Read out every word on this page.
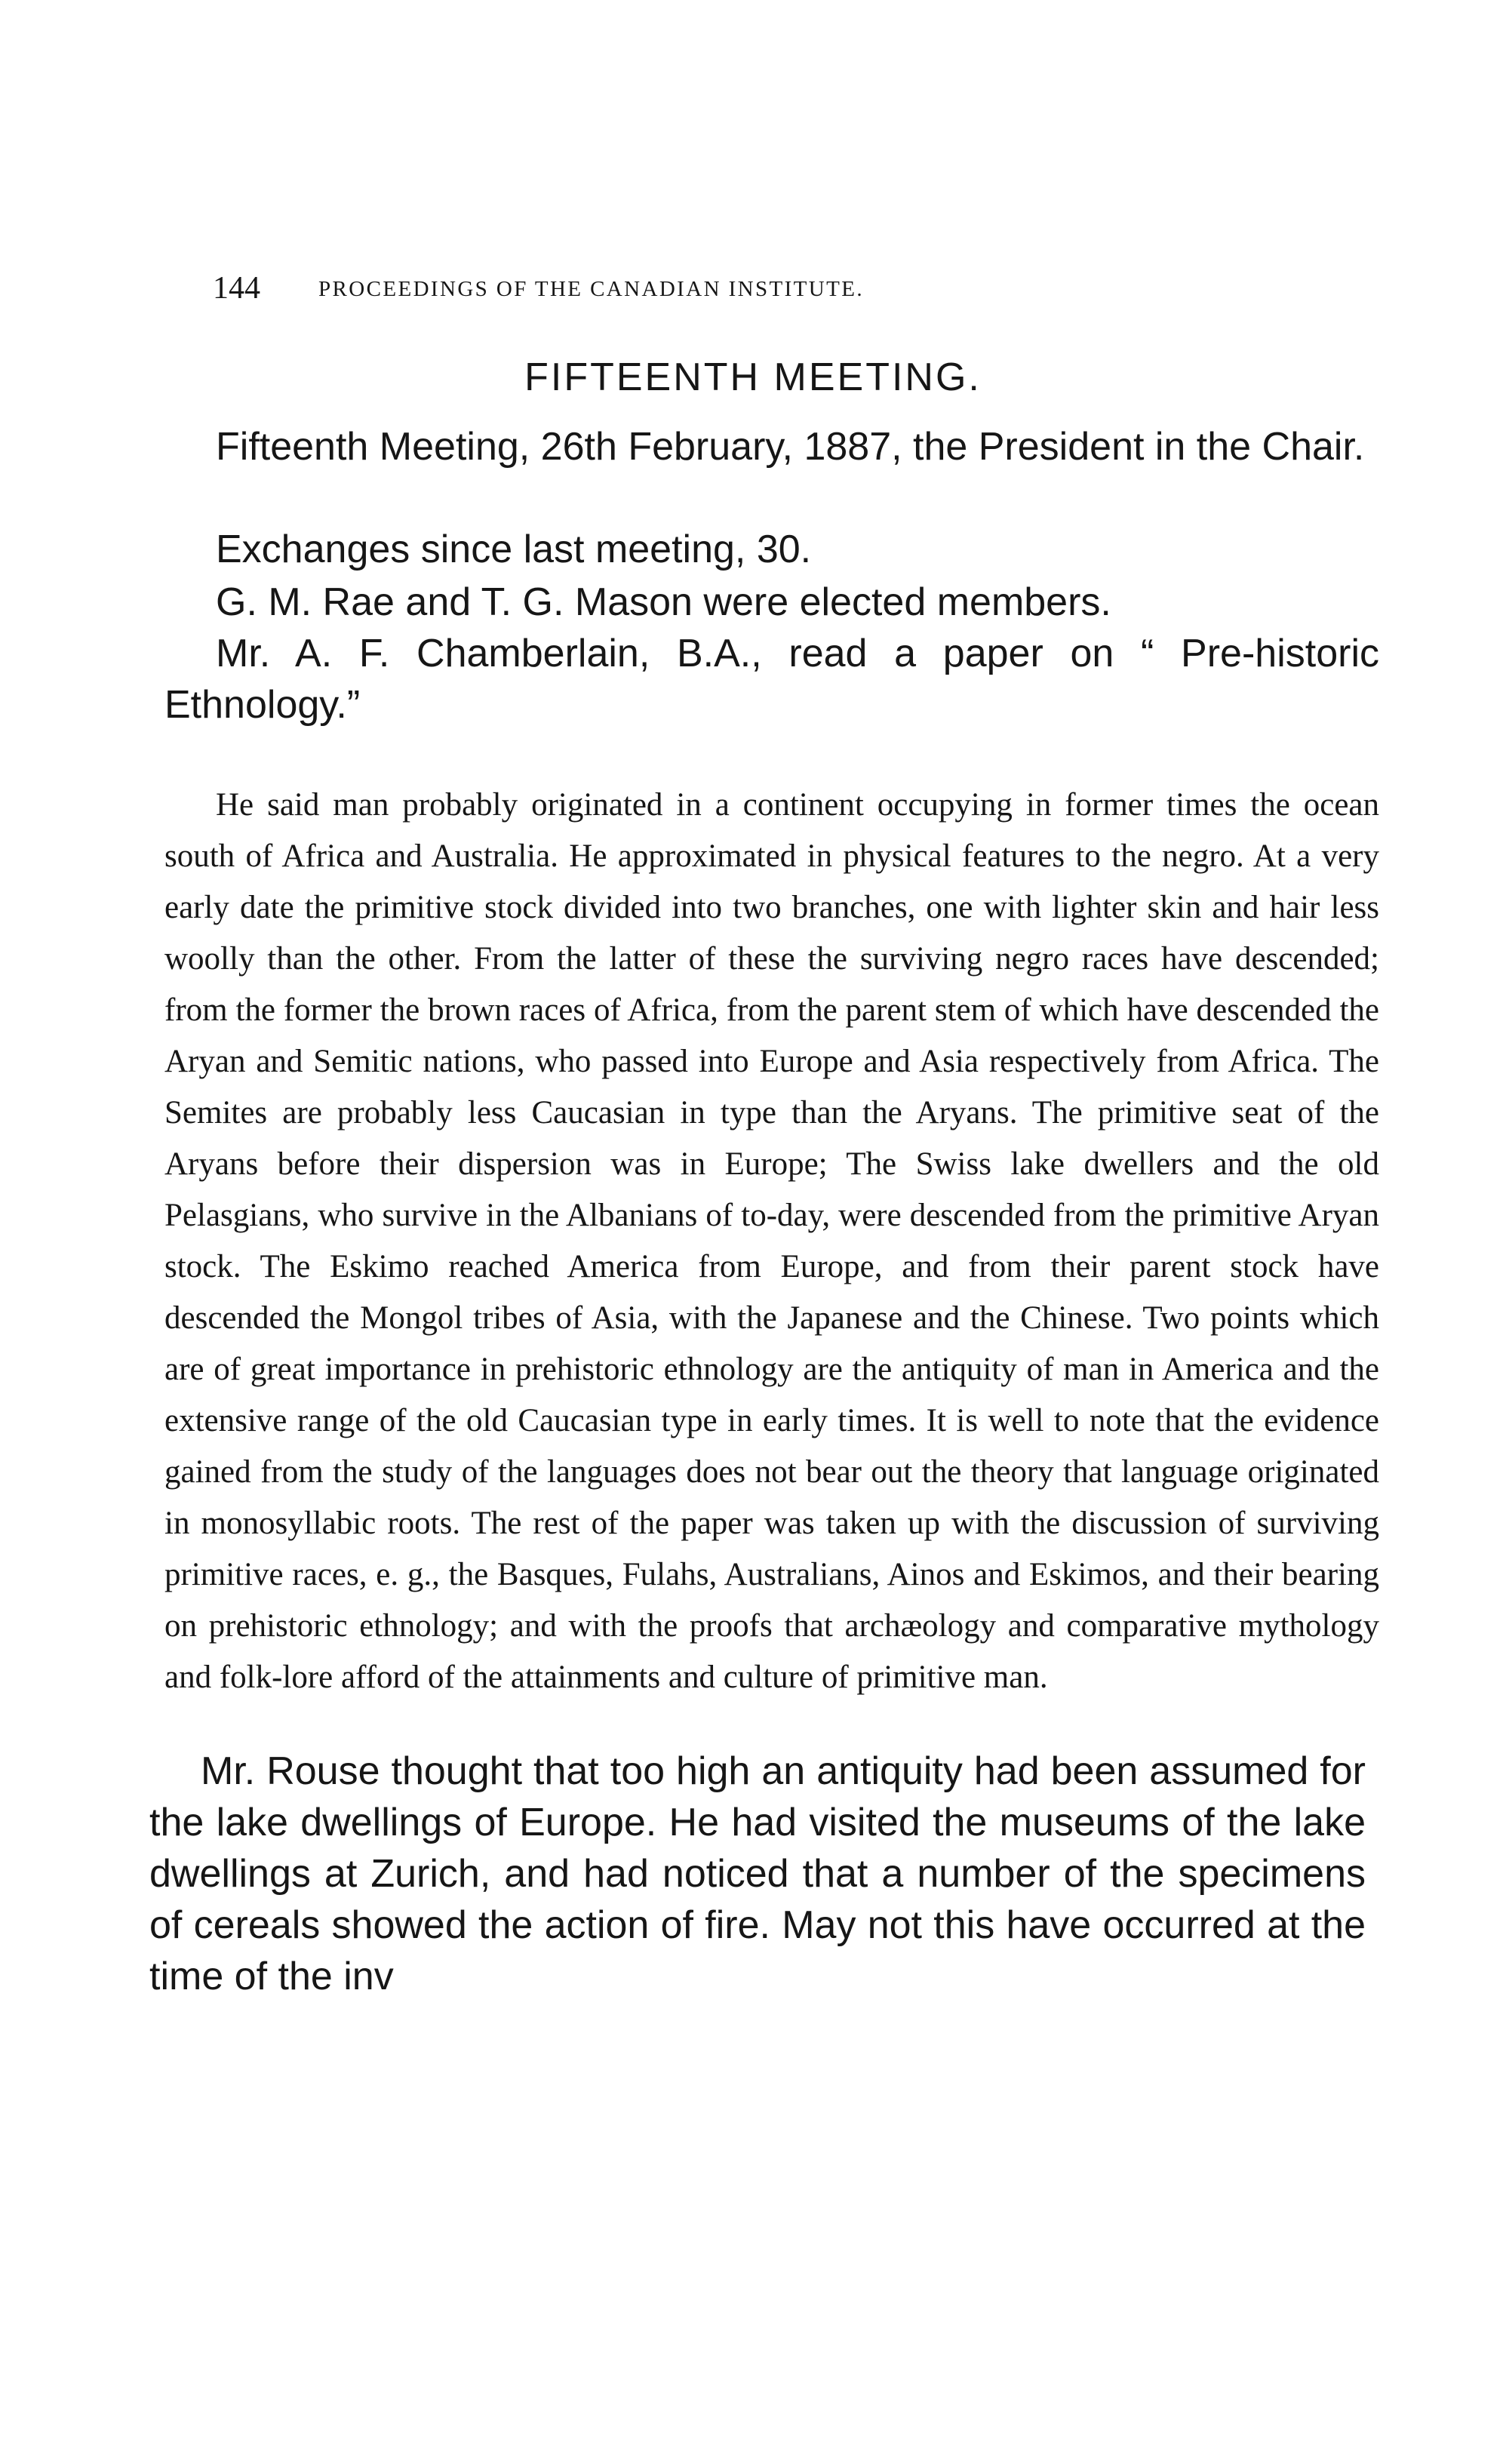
144	PROCEEDINGS OF THE CANADIAN INSTITUTE.
FIFTEENTH MEETING.

Fifteenth Meeting, 26th February, 1887, the President in the Chair.

Exchanges since last meeting, 30.

G. M. Rae and T. G. Mason were elected members.

Mr. A. F. Chamberlain, B.A., read a paper on “ Pre-historic Ethnology.”

He said man probably originated in a continent occupying in former times the ocean south of Africa and Australia. He approximated in physical features to the negro. At a very early date the primitive stock divided into two branches, one with lighter skin and hair less woolly than the other. From the latter of these the surviving negro races have descended; from the former the brown races of Africa, from the parent stem of which have descended the Aryan and Semitic nations, who passed into Europe and Asia respectively from Africa. The Semites are probably less Caucasian in type than the Aryans. The primitive seat of the Aryans before their dispersion was in Europe; The Swiss lake dwellers and the old Pelasgians, who survive in the Albanians of to-day, were descended from the primitive Aryan stock. The Eskimo reached America from Europe, and from their parent stock have descended the Mongol tribes of Asia, with the Japanese and the Chinese. Two points which are of great importance in prehistoric ethnology are the antiquity of man in America and the extensive range of the old Caucasian type in early times. It is well to note that the evidence gained from the study of the languages does not bear out the theory that language originated in monosyllabic roots. The rest of the paper was taken up with the discussion of surviving primitive races, e. g., the Basques, Fulahs, Australians, Ainos and Eskimos, and their bearing on prehistoric ethnology; and with the proofs that archæology and comparative mythology and folk-lore afford of the attainments and culture of primitive man.

Mr. Rouse thought that too high an antiquity had been assumed for the lake dwellings of Europe. He had visited the museums of the lake dwellings at Zurich, and had noticed that a number of the specimens of cereals showed the action of fire. May not this have occurred at the time of the inv
